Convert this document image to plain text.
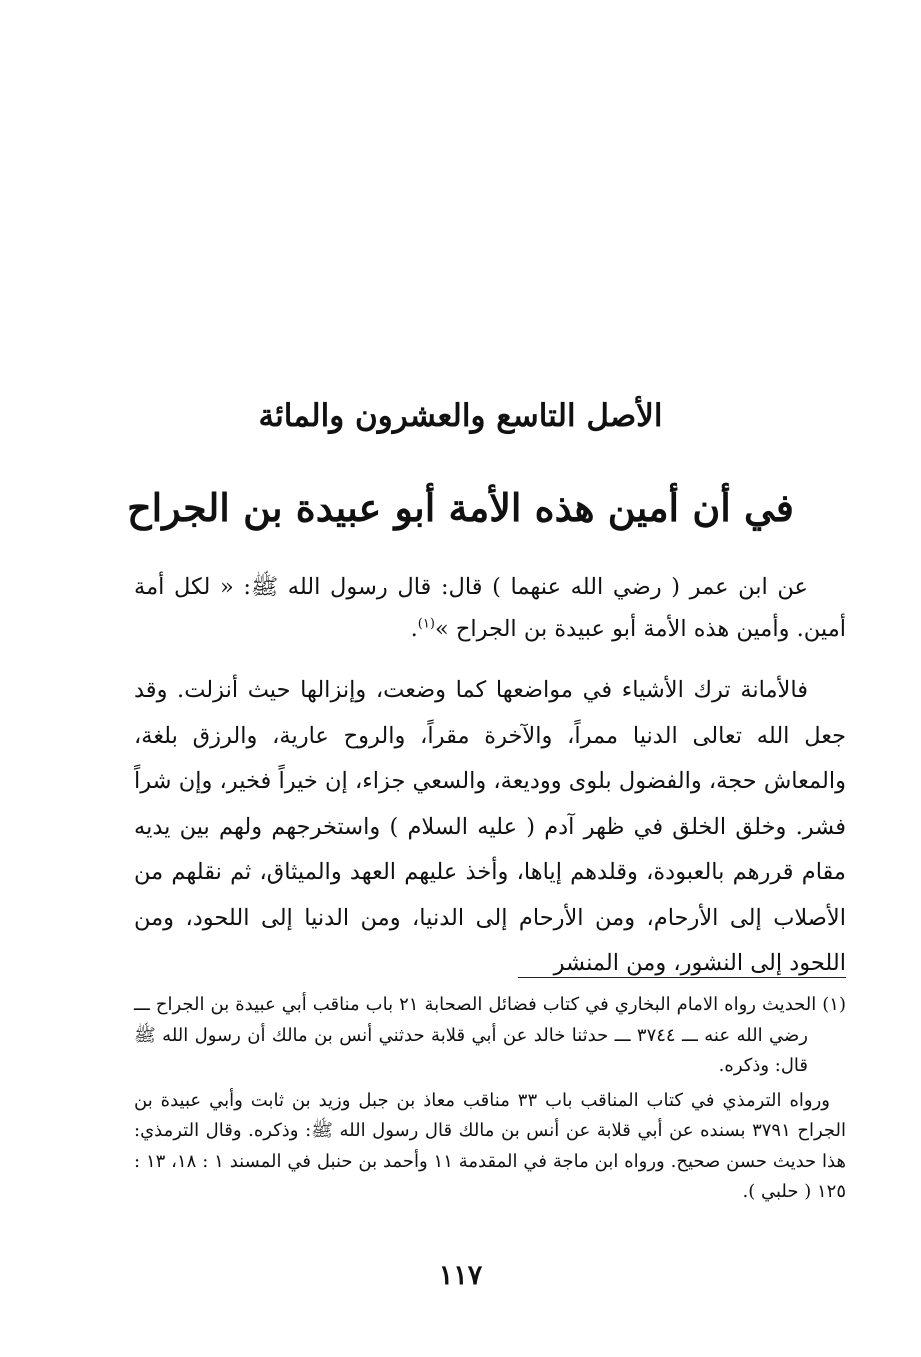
الأصل التاسع والعشرون والمائة
في أن أمين هذه الأمة أبو عبيدة بن الجراح

عن ابن عمر ( رضي الله عنهما ) قال: قال رسول الله ﷺ: « لكل أمة أمين. وأمين هذه الأمة أبو عبيدة بن الجراح »$^{(١)}$.

فالأمانة ترك الأشياء في مواضعها كما وضعت، وإنزالها حيث أنزلت. وقد جعل الله تعالى الدنيا ممراً، والآخرة مقراً، والروح عارية، والرزق بلغة، والمعاش حجة، والفضول بلوى ووديعة، والسعي جزاء، إن خيراً فخير، وإن شراً فشر. وخلق الخلق في ظهر آدم ( عليه السلام ) واستخرجهم ولهم بين يديه مقام قررهم بالعبودة، وقلدهم إياها، وأخذ عليهم العهد والميثاق، ثم نقلهم من الأصلاب إلى الأرحام، ومن الأرحام إلى الدنيا، ومن الدنيا إلى اللحود، ومن اللحود إلى النشور، ومن المنشر

(١) الحديث رواه الامام البخاري في كتاب فضائل الصحابة ٢١ باب مناقب أبي عبيدة بن الجراح ـــ رضي الله عنه ـــ ٣٧٤٤ ـــ حدثنا خالد عن أبي قلابة حدثني أنس بن مالك أن رسول الله ﷺ قال: وذكره.

ورواه الترمذي في كتاب المناقب باب ٣٣ مناقب معاذ بن جبل وزيد بن ثابت وأبي عبيدة بن الجراح ٣٧٩١ بسنده عن أبي قلابة عن أنس بن مالك قال رسول الله ﷺ: وذكره. وقال الترمذي: هذا حديث حسن صحيح. ورواه ابن ماجة في المقدمة ١١ وأحمد بن حنبل في المسند ١ : ١٨، ١٣ : ١٢٥ ( حلبي ).

١١٧
